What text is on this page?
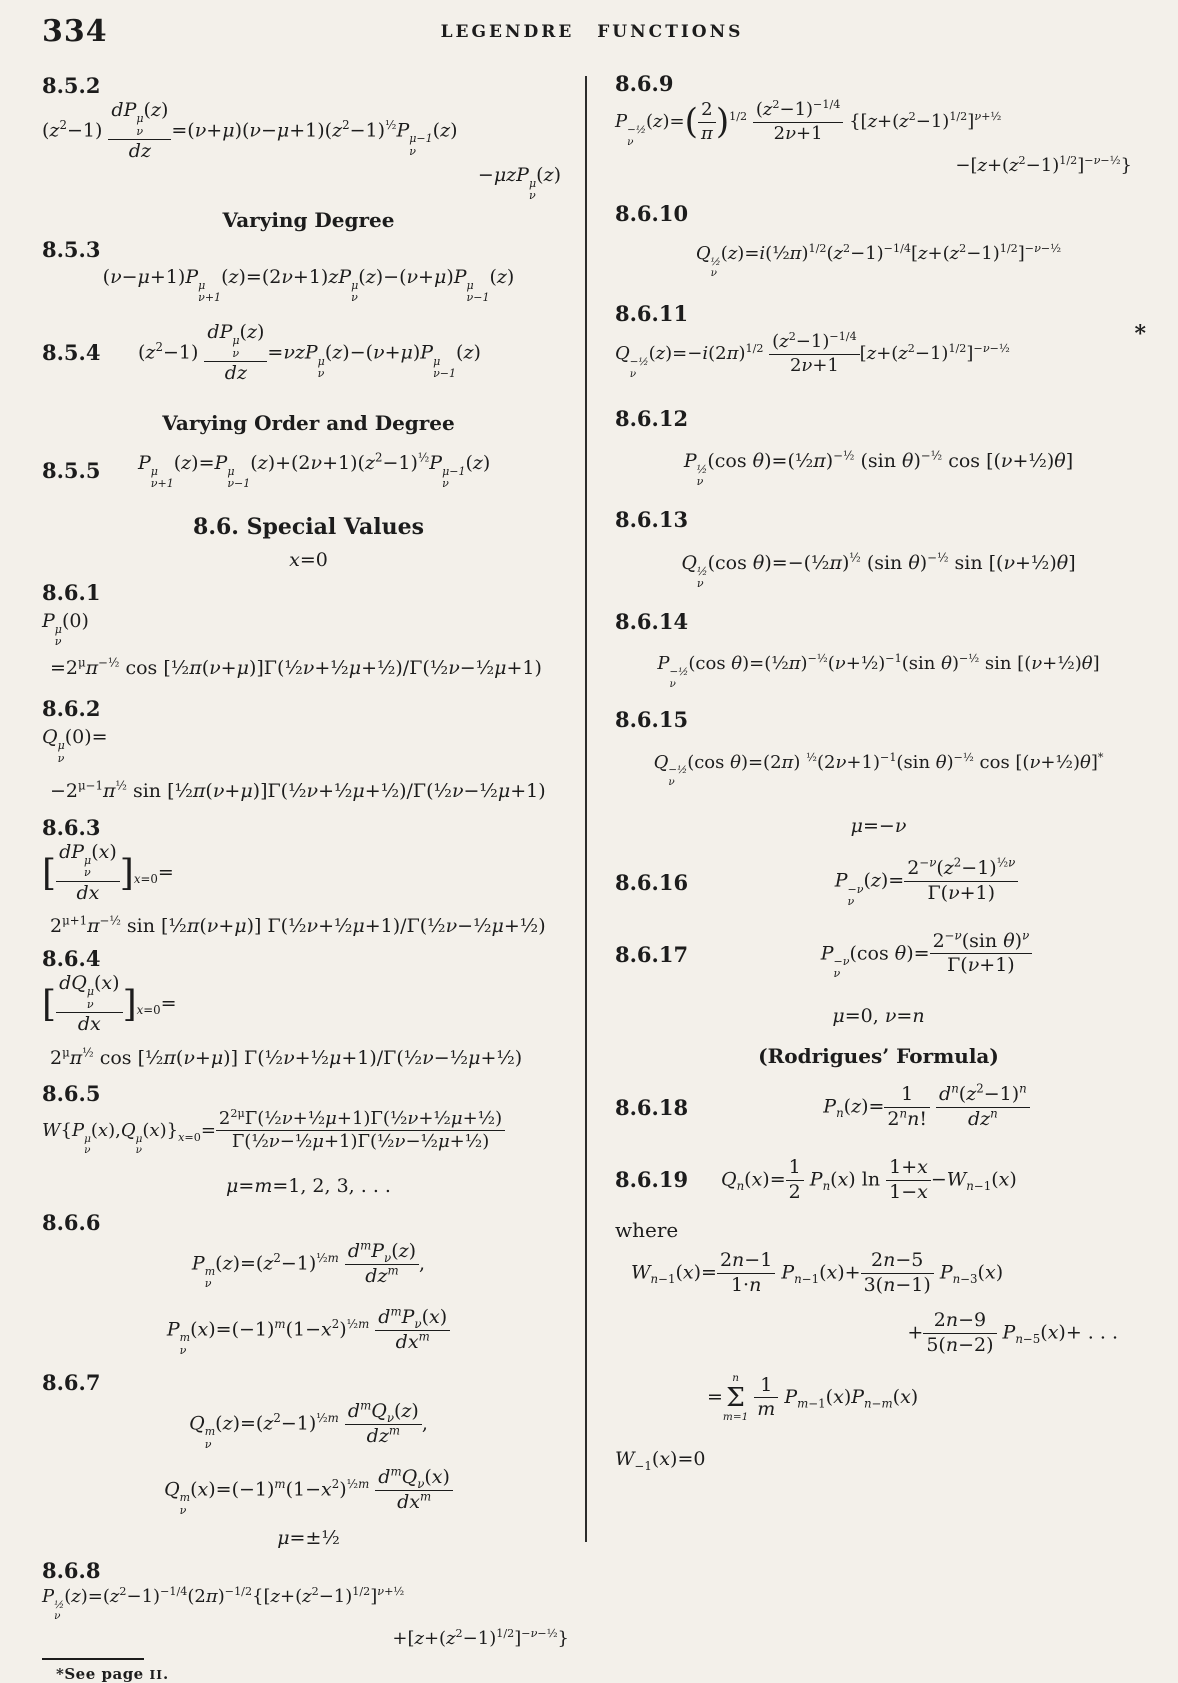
334	LEGENDRE FUNCTIONS
8.5.2
$(z^2-1)$
dP μ
ν
(z)
dz
$=(\nu+\mu)(\nu-\mu+1)(z^2-1)^{\frac{1}{2}}P$ μ−1
ν
(z)
−μzP μ
ν
(z)
Varying Degree
8.5.3
(ν−μ+1)P μ
ν+1
(z)=(2ν+1)zP μ
ν
(z)−(ν+μ)P μ
ν−1
(z)
8.5.4	$(z^2-1)$
dP μ
ν
(z)
dz
=νzP μ
ν
(z)−(ν+μ)P μ
ν−1
(z)
Varying Order and Degree
8.5.5	P μ
ν+1
(z)=P μ
ν−1
$(z)+(2\nu+1)(z^2-1)^{\frac{1}{2}}P$ μ−1
ν
(z)
8.6. Special Values
x=0
8.6.1
P μ
ν
(0)
$=2^\mu\pi^{-\frac{1}{2}}$ cos [½π(ν+μ)]Γ(½ν+½μ+½)/Γ(½ν−½μ+1)
8.6.2
Q μ
ν
(0)=
$-2^{\mu-1}\pi^{\frac{1}{2}}$ sin [½π(ν+μ)]Γ(½ν+½μ+½)/Γ(½ν−½μ+1)
8.6.3
[
dP μ
ν
(x)
dx ]$_{x=0}=$
$2^{\mu+1}\pi^{-\frac{1}{2}}$ sin [½π(ν+μ)] Γ(½ν+½μ+1)/Γ(½ν−½μ+½)
8.6.4
[
dQ μ
ν
(x)
dx ]$_{x=0}=$
$2^\mu\pi^{\frac{1}{2}}$ cos [½π(ν+μ)] Γ(½ν+½μ+1)/Γ(½ν−½μ+½)
8.6.5
W{P μ
ν
(x),Q μ
ν
$(x)\}_{x=0}= \frac{2^{2\mu}\Gamma(\frac{1}{2}\nu+\frac{1}{2}\mu+1)\Gamma(\frac{1}{2}\nu+\frac{1}{2}\mu+\frac{1}{2})}{\text{Γ(½ν−½μ+1)Γ(½ν−½μ+½)}}$
μ=m=1, 2, 3, . . .
8.6.6
P m
ν
$(z)=(z^2-1)^{\frac{1}{2}m}$ $d^mP_\nu(z)$
$dz^m$	,
P m
ν
$(x)=(-1)^m(1-x^2)^{\frac{1}{2}m}$ $d^mP_\nu(x)$
$dx^m$
8.6.7
Q m
ν
$(z)=(z^2-1)^{\frac{1}{2}m}$ $d^mQ_\nu(z)$
$dz^m$	,
Q m
ν
$(x)=(-1)^m(1-x^2)^{\frac{1}{2}m}$ $d^mQ_\nu(x)$
$dx^m$
μ=±½
8.6.8
P ½
ν
$(z)=(z^2-1)^{-1/4}(2\pi)^{-1/2}\{[z+(z^2-1)^{1/2}]^{\nu+\frac{1}{2}}$
$+[z+(z^2-1)^{1/2}]^{-\nu-\frac{1}{2}}$}
*See page II.
8.6.9
P −½
ν
$(z)=( \frac{2}{\pi} )^{1/2} \frac{(z^2-1)^{-1/4}}{2\nu+1} \{[z+(z^2-1)^{1/2}]^{\nu+\frac{1}{2}}$
$-[z+(z^2-1)^{1/2}]^{-\nu-\frac{1}{2}}$}
8.6.10
Q ½
ν
$(z)=i(\frac{1}{2}\pi)^{1/2}(z^2-1)^{-1/4}[z+(z^2-1)^{1/2}]^{-\nu-\frac{1}{2}}$
8.6.11
Q −½
ν
$(z)=-i(2\pi)^{1/2} \frac{(z^2-1)^{-1/4}}{2\nu+1} [z+(z^2-1)^{1/2}]^{-\nu-\frac{1}{2}}$
*
8.6.12
P ½
ν
(cos θ)=(½π)$^{-\frac{1}{2}}$ (sin θ)$^{-\frac{1}{2}}$ cos [(ν+½)θ]
8.6.13
Q ½
ν
(cos θ)=−(½π)$^{\frac{1}{2}}$ (sin θ)$^{-\frac{1}{2}}$ sin [(ν+½)θ]
8.6.14
P −½
ν
(cos θ)=(½π)$^{-\frac{1}{2}}$(ν+½)$^{-1}$(sin θ)$^{-\frac{1}{2}}$ sin [(ν+½)θ]
8.6.15
Q −½
ν
(cos θ)=(2π) $^{\frac{1}{2}}(2\nu+1)^{-1}(\sin$ θ)$^{-\frac{1}{2}}$ cos [(ν+½)θ]*
μ=−ν
8.6.16	P −ν
ν
$(z)= \frac{2^{-\nu}(z^2-1)^{\frac{1}{2}\nu}}{\Gamma(\nu+1)}$
8.6.17	P −ν
ν
(cos $\theta)= \frac{2^{-\nu}(\sin \theta)^\nu}{\Gamma(\nu+1)}$
μ=0, ν=n
(Rodrigues’ Formula)
8.6.18	$P_n(z)= \frac{1}{2^nn!}$
$d^n(z^2-1)^n$
$dz^n$
8.6.19	$Q_n(x)= \frac{1}{2} P_n(x)$ $\ln \frac{1+x}{1-x} -W_{n-1}(x)$
where
$W_{n-1}(x)= \frac{2n-1}{1\cdot n} P_{n-1}(x)+ \frac{2n-5}{3(n-1)} P_{n-3}(x)$
+ $\frac{2n-9}{5(n-2)} P_{n-5}(x)+$ . . .
=
n
Σ
m=1
$\frac{1}{m} P_{m-1}(x)P_{n-m}(x)$
$W_{-1}(x)=0$
